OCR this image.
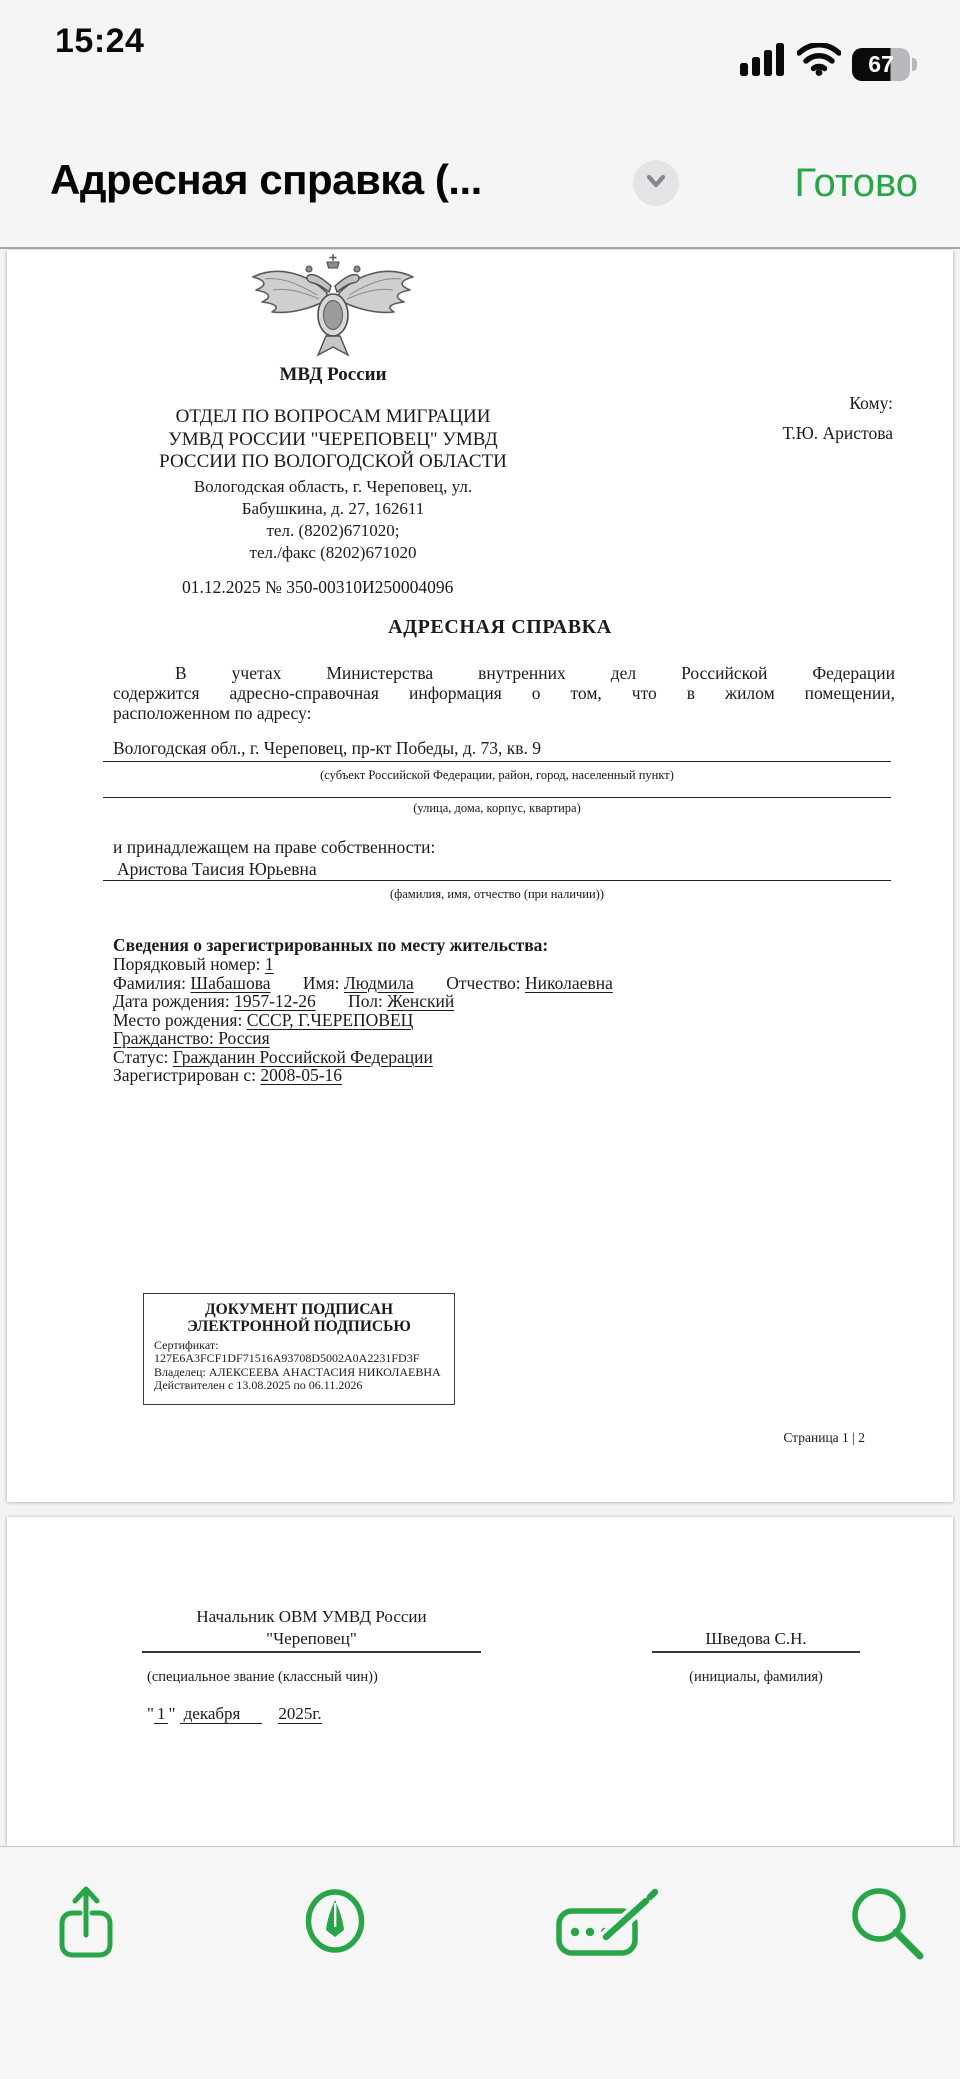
15:24
67
Адресная справка (...	Готово
МВД России
ОТДЕЛ ПО ВОПРОСАМ МИГРАЦИИ
УМВД РОССИИ "ЧЕРЕПОВЕЦ" УМВД
РОССИИ ПО ВОЛОГОДСКОЙ ОБЛАСТИ
Вологодская область, г. Череповец, ул.
Бабушкина, д. 27, 162611
тел. (8202)671020;
тел./факс (8202)671020
Кому:
Т.Ю. Аристова
01.12.2025 № 350-00310И250004096
АДРЕСНАЯ СПРАВКА
В учетах Министерства внутренних дел Российской Федерации
содержится адресно-справочная информация о том, что в жилом помещении,
расположенном по адресу:
Вологодская обл., г. Череповец, пр-кт Победы, д. 73, кв. 9
(субъект Российской Федерации, район, город, населенный пункт)
(улица, дома, корпус, квартира)
и принадлежащем на праве собственности:
Аристова Таисия Юрьевна
(фамилия, имя, отчество (при наличии))
Сведения о зарегистрированных по месту жительства:
Порядковый номер: 1
Фамилия: Шабашова Имя: Людмила Отчество: Николаевна
Дата рождения: 1957-12-26 Пол: Женский
Место рождения: СССР, Г.ЧЕРЕПОВЕЦ
Гражданство: Россия
Статус: Гражданин Российской Федерации
Зарегистрирован с: 2008-05-16
ДОКУМЕНТ ПОДПИСАН
ЭЛЕКТРОННОЙ ПОДПИСЬЮ
Сертификат:
127E6A3FCF1DF71516A93708D5002A0A2231FD3F
Владелец: АЛЕКСЕЕВА АНАСТАСИЯ НИКОЛАЕВНА
Действителен с 13.08.2025 по 06.11.2026
Страница 1 | 2
Начальник ОВМ УМВД России
"Череповец"	Шведова С.Н.
(специальное звание (классный чин))	(инициалы, фамилия)
" 1 " декабря 2025г.
